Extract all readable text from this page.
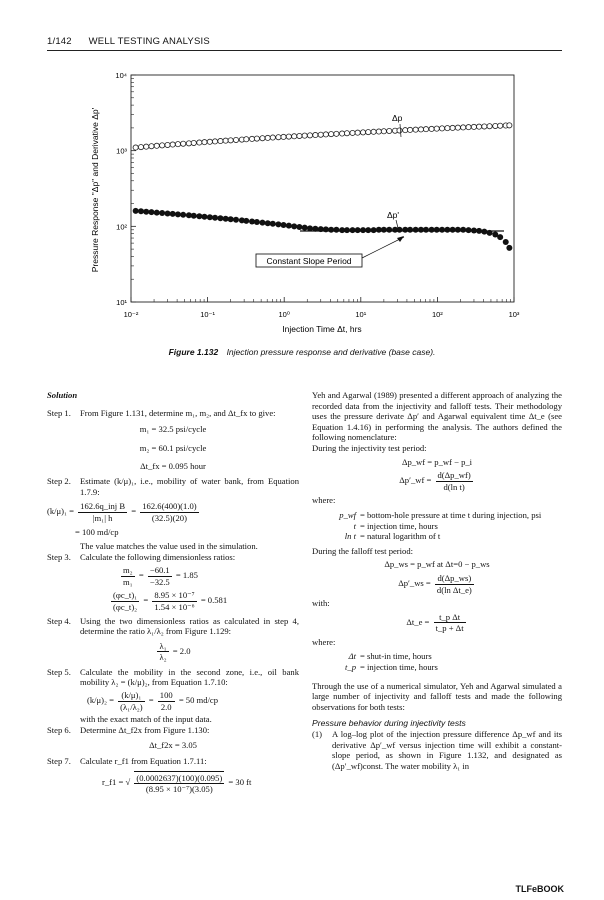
1/142 WELL TESTING ANALYSIS
10⁻²	10⁻¹	10⁰	10¹	10²	10³
10¹
10²
10³
10⁴
Δp
Δp'
Constant Slope Period
Injection Time Δt, hrs
Pressure Response "Δp" and Derivative Δp'
Figure 1.132 Injection pressure response and derivative (base case).
Solution
Step 1.	From Figure 1.131, determine m₁, m₂, and Δt_fx to give:
m₁ = 32.5 psi/cycle
m₂ = 60.1 psi/cycle
Δt_fx = 0.095 hour
Step 2.	Estimate (k/μ)₁, i.e., mobility of water bank, from Equation 1.7.9:
$(k/\mu)_1 = \frac{\text{162.6q\_inj B}}{\text{|m₁| h}} = \frac{162.6(400)(1.0)}{(32.5)(20)}$
= 100 md/cp
The value matches the value used in the simulation.
Step 3.	Calculate the following dimensionless ratios:
$\frac{\text{m₂}}{\text{m₁}} = \frac{-60.1}{-32.5} = 1.85$
$\frac{\text{(φc\_t)₁}}{\text{(φc\_t)₂}} = \frac{\text{8.95 × 10⁻⁷}}{\text{1.54 × 10⁻⁶}} = 0.581$
Step 4.	Using the two dimensionless ratios as calculated in step 4, determine the ratio λ₁/λ₂ from Figure 1.129:
$\frac{\text{λ₁}}{\text{λ₂}} = 2.0$
Step 5.	Calculate the mobility in the second zone, i.e., oil bank mobility λ₂ = (k/μ)₂, from Equation 1.7.10:
$(k/\mu)_2 = \frac{\text{(k/μ)₁}}{\text{(λ₁/λ₂)}} = \frac{100}{2.0} = 50$ md/cp
with the exact match of the input data.
Step 6.	Determine Δt_f2x from Figure 1.130:
Δt_f2x = 3.05
Step 7.	Calculate r_f1 from Equation 1.7.11:
r_f1 = √ $\frac{(0.0002637)(100)(0.095)}{\text{(8.95 × 10⁻⁷)(3.05)}} = 30$ ft
Yeh and Agarwal (1989) presented a different approach of analyzing the recorded data from the injectivity and falloff tests. Their methodology uses the pressure derivate Δp′ and Agarwal equivalent time Δt_e (see Equation 1.4.16) in performing the analysis. The authors defined the following nomenclature:
During the injectivity test period:
Δp_wf = p_wf − p_i
Δp′_wf = $\frac{d(\Delta p\_wf)}{\text{d(ln t)}}$
where:
p_wf = bottom-hole pressure at time t during injection, psi
t = injection time, hours
ln t = natural logarithm of t
During the falloff test period:
Δp_ws = p_wf at Δt=0 − p_ws
Δp′_ws = $\frac{d(\Delta p\_ws)}{\text{d(ln Δt\_e)}}$
with:
Δt_e = $\frac{\text{t\_p Δt}}{t\_p + \Delta t}$
where:
Δt = shut-in time, hours
t_p = injection time, hours
Through the use of a numerical simulator, Yeh and Agarwal simulated a large number of injectivity and falloff tests and made the following observations for both tests:
Pressure behavior during injectivity tests
(1)	A log–log plot of the injection pressure difference Δp_wf and its derivative Δp′_wf versus injection time will exhibit a constant-slope period, as shown in Figure 1.132, and designated as (Δp′_wf)const. The water mobility λ₁ in
TLFeBOOK
